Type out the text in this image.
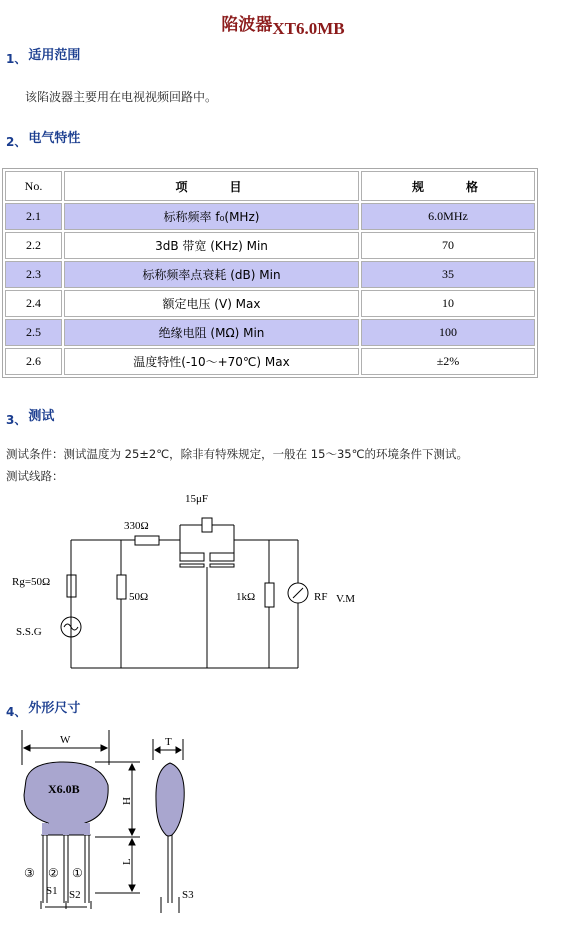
陷波器XT6.0MB
1、 适用范围
该陷波器主要用在电视视频回路中。
2、 电气特性
No.	项　　目	规　　格
2.1	标称频率 f₀(MHz)	6.0MHz
2.2	3dB 带宽 (KHz) Min	70
2.3	标称频率点衰耗 (dB) Min	35
2.4	额定电压 (V) Max	10
2.5	绝缘电阻 (MΩ) Min	100
2.6	温度特性(-10～+70℃) Max	±2%
3、 测试
测试条件：测试温度为 25±2℃，除非有特殊规定，一般在 15～35℃的环境条件下测试。
测试线路：
15μF
330Ω
50Ω
Rg=50Ω
S.S.G
1kΩ	RF V.M
4、 外形尺寸
X6.0B
W
H
L
T
③ ② ①
S1 S2	S3
